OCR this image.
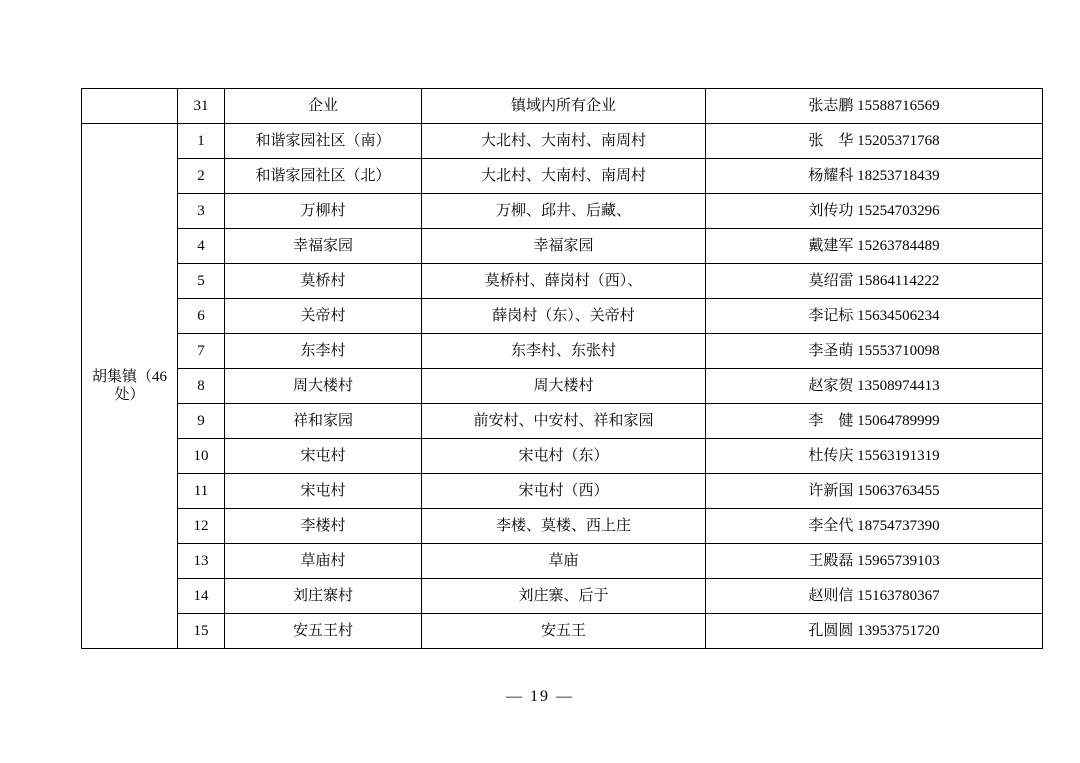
	31	企业	镇域内所有企业	张志鹏 15588716569
胡集镇（46处）	1	和谐家园社区（南）	大北村、大南村、南周村	张　华 15205371768
	2	和谐家园社区（北）	大北村、大南村、南周村	杨耀科 18253718439
	3	万柳村	万柳、邱井、后藏、	刘传功 15254703296
	4	幸福家园	幸福家园	戴建军 15263784489
	5	莫桥村	莫桥村、薛岗村（西）、	莫绍雷 15864114222
	6	关帝村	薛岗村（东）、关帝村	李记标 15634506234
	7	东李村	东李村、东张村	李圣萌 15553710098
	8	周大楼村	周大楼村	赵家贺 13508974413
	9	祥和家园	前安村、中安村、祥和家园	李　健 15064789999
	10	宋屯村	宋屯村（东）	杜传庆 15563191319
	11	宋屯村	宋屯村（西）	许新国 15063763455
	12	李楼村	李楼、莫楼、西上庄	李全代 18754737390
	13	草庙村	草庙	王殿磊 15965739103
	14	刘庄寨村	刘庄寨、后于	赵则信 15163780367
	15	安五王村	安五王	孔圆圆 13953751720
— 19 —
